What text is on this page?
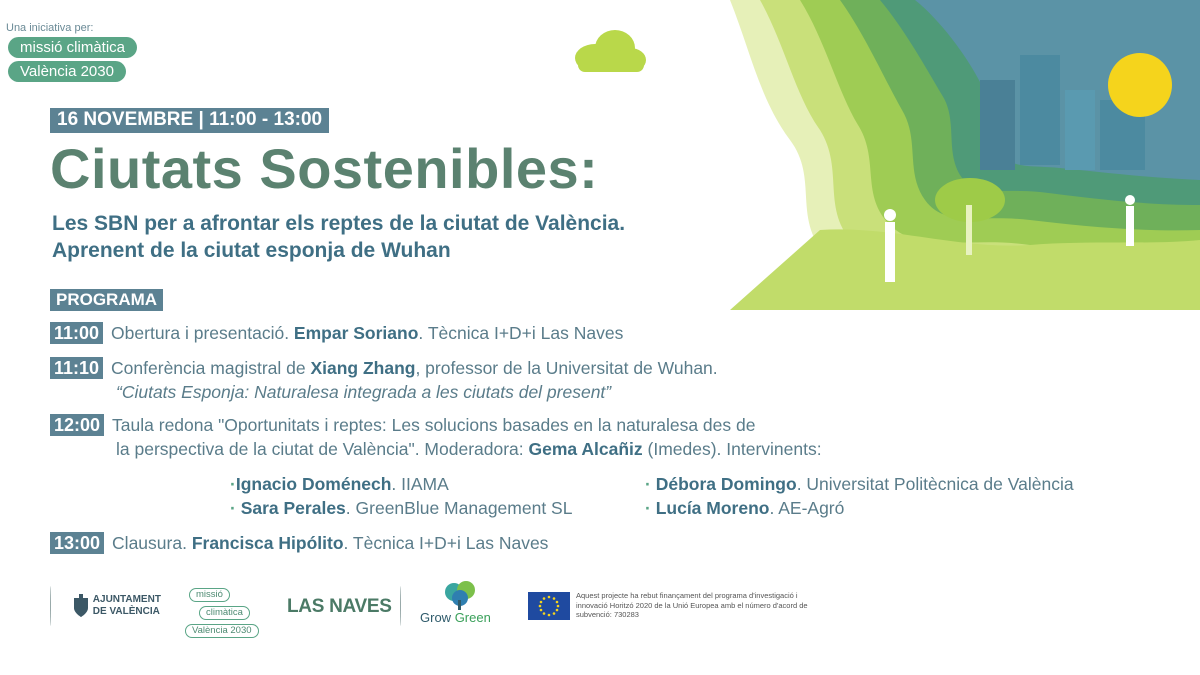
Una iniciativa per:
missió climàtica
València 2030
16 NOVEMBRE | 11:00 - 13:00
Ciutats Sostenibles:
Les SBN per a afrontar els reptes de la ciutat de València.
Aprenent de la ciutat esponja de Wuhan
PROGRAMA
11:00 Obertura i presentació. Empar Soriano. Tècnica I+D+i Las Naves
11:10 Conferència magistral de Xiang Zhang, professor de la Universitat de Wuhan.
“Ciutats Esponja: Naturalesa integrada a les ciutats del present”
12:00 Taula redona "Oportunitats i reptes: Les solucions basades en la naturalesa des de
la perspectiva de la ciutat de València". Moderadora: Gema Alcañiz (Imedes). Intervinents:
·Ignacio Doménech. IIAMA
· Sara Perales. GreenBlue Management SL
· Débora Domingo. Universitat Politècnica de València
· Lucía Moreno. AE-Agró
13:00 Clausura. Francisca Hipólito. Tècnica I+D+i Las Naves
AJUNTAMENT
DE VALÈNCIA
missió
climàtica
València 2030
LAS NAVES
Grow Green
Aquest projecte ha rebut finançament del programa d'investigació i innovació Horitzó 2020 de la Unió Europea amb el número d'acord de subvenció: 730283
